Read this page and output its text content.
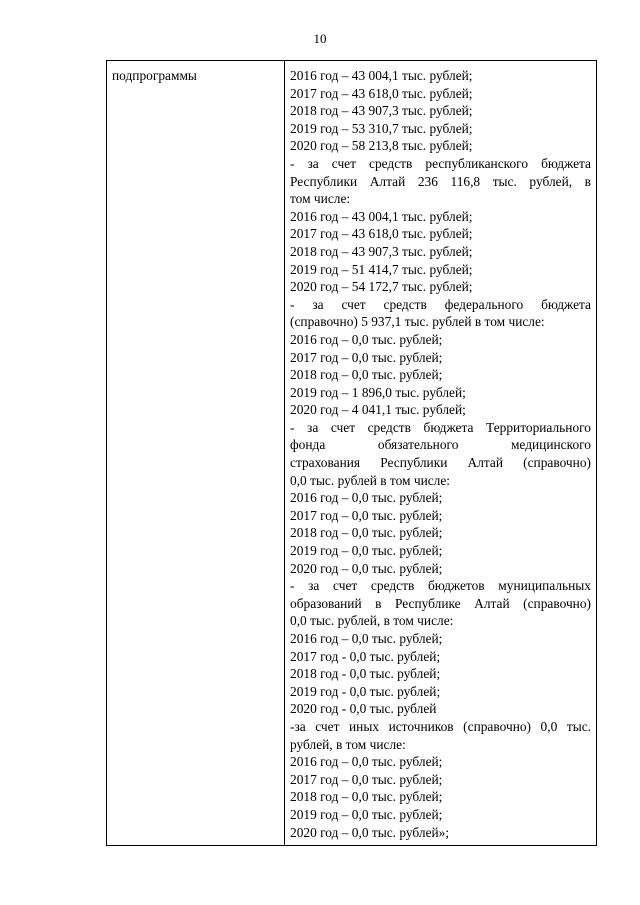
10
подпрограммы	2016 год – 43 004,1 тыс. рублей;
2017 год – 43 618,0 тыс. рублей;
2018 год – 43 907,3 тыс. рублей;
2019 год – 53 310,7 тыс. рублей;
2020 год – 58 213,8 тыс. рублей;
- за счет средств республиканского бюджета
Республики Алтай 236 116,8 тыс. рублей, в
том числе:
2016 год – 43 004,1 тыс. рублей;
2017 год – 43 618,0 тыс. рублей;
2018 год – 43 907,3 тыс. рублей;
2019 год – 51 414,7 тыс. рублей;
2020 год – 54 172,7 тыс. рублей;
- за счет средств федерального бюджета
(справочно) 5 937,1 тыс. рублей в том числе:
2016 год – 0,0 тыс. рублей;
2017 год – 0,0 тыс. рублей;
2018 год – 0,0 тыс. рублей;
2019 год – 1 896,0 тыс. рублей;
2020 год – 4 041,1 тыс. рублей;
- за счет средств бюджета Территориального
фонда обязательного медицинского
страхования Республики Алтай (справочно)
0,0 тыс. рублей в том числе:
2016 год – 0,0 тыс. рублей;
2017 год – 0,0 тыс. рублей;
2018 год – 0,0 тыс. рублей;
2019 год – 0,0 тыс. рублей;
2020 год – 0,0 тыс. рублей;
- за счет средств бюджетов муниципальных
образований в Республике Алтай (справочно)
0,0 тыс. рублей, в том числе:
2016 год – 0,0 тыс. рублей;
2017 год - 0,0 тыс. рублей;
2018 год - 0,0 тыс. рублей;
2019 год - 0,0 тыс. рублей;
2020 год - 0,0 тыс. рублей
-за счет иных источников (справочно) 0,0 тыс.
рублей, в том числе:
2016 год – 0,0 тыс. рублей;
2017 год – 0,0 тыс. рублей;
2018 год – 0,0 тыс. рублей;
2019 год – 0,0 тыс. рублей;
2020 год – 0,0 тыс. рублей»;
